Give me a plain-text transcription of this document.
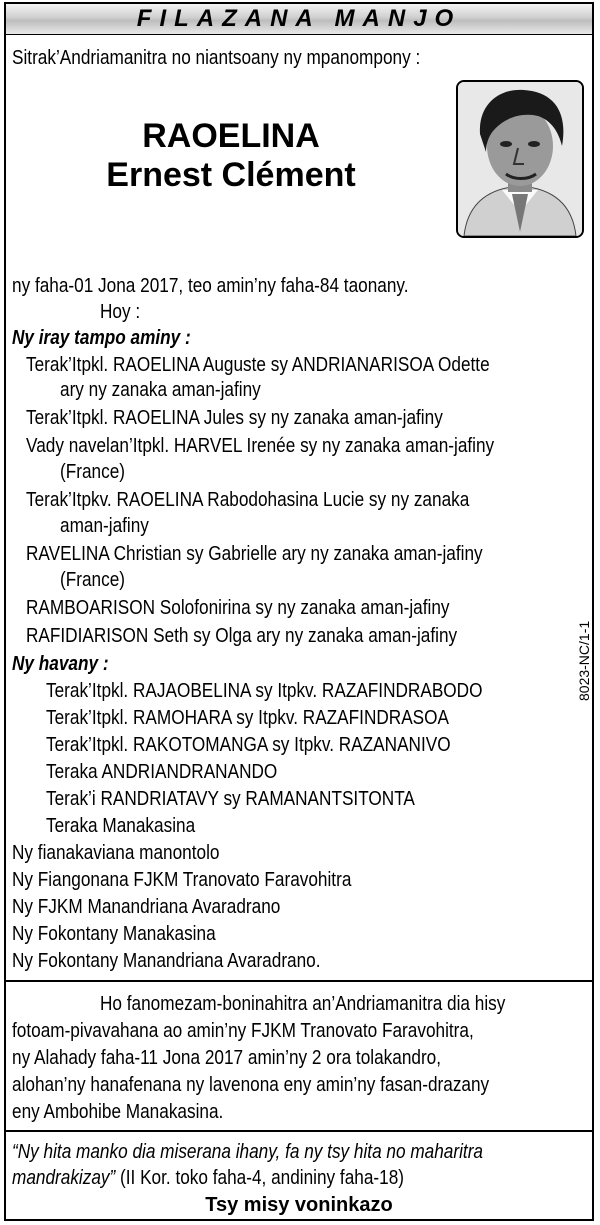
FILAZANA MANJO
Sitrak’Andriamanitra no niantsoany ny mpanompony :
RAOELINA
Ernest Clément
ny faha-01 Jona 2017, teo amin’ny faha-84 taonany.
Hoy :
Ny iray tampo aminy :
Terak’Itpkl. RAOELINA Auguste sy ANDRIANARISOA Odette
ary ny zanaka aman-jafiny
Terak’Itpkl. RAOELINA Jules sy ny zanaka aman-jafiny
Vady navelan’Itpkl. HARVEL Irenée sy ny zanaka aman-jafiny
(France)
Terak’Itpkv. RAOELINA Rabodohasina Lucie sy ny zanaka
aman-jafiny
RAVELINA Christian sy Gabrielle ary ny zanaka aman-jafiny
(France)
RAMBOARISON Solofonirina sy ny zanaka aman-jafiny
RAFIDIARISON Seth sy Olga ary ny zanaka aman-jafiny
Ny havany :
Terak’Itpkl. RAJAOBELINA sy Itpkv. RAZAFINDRABODO
Terak’Itpkl. RAMOHARA sy Itpkv. RAZAFINDRASOA
Terak’Itpkl. RAKOTOMANGA sy Itpkv. RAZANANIVO
Teraka ANDRIANDRANANDO
Terak’i RANDRIATAVY sy RAMANANTSITONTA
Teraka Manakasina
Ny fianakaviana manontolo
Ny Fiangonana FJKM Tranovato Faravohitra
Ny FJKM Manandriana Avaradrano
Ny Fokontany Manakasina
Ny Fokontany Manandriana Avaradrano.
8023-NC/1-1
Ho fanomezam-boninahitra an’Andriamanitra dia hisy
fotoam-pivavahana ao amin’ny FJKM Tranovato Faravohitra,
ny Alahady faha-11 Jona 2017 amin’ny 2 ora tolakandro,
alohan’ny hanafenana ny lavenona eny amin’ny fasan-drazany
eny Ambohibe Manakasina.
“Ny hita manko dia miserana ihany, fa ny tsy hita no maharitra
mandrakizay” (II Kor. toko faha-4, andininy faha-18)
Tsy misy voninkazo
